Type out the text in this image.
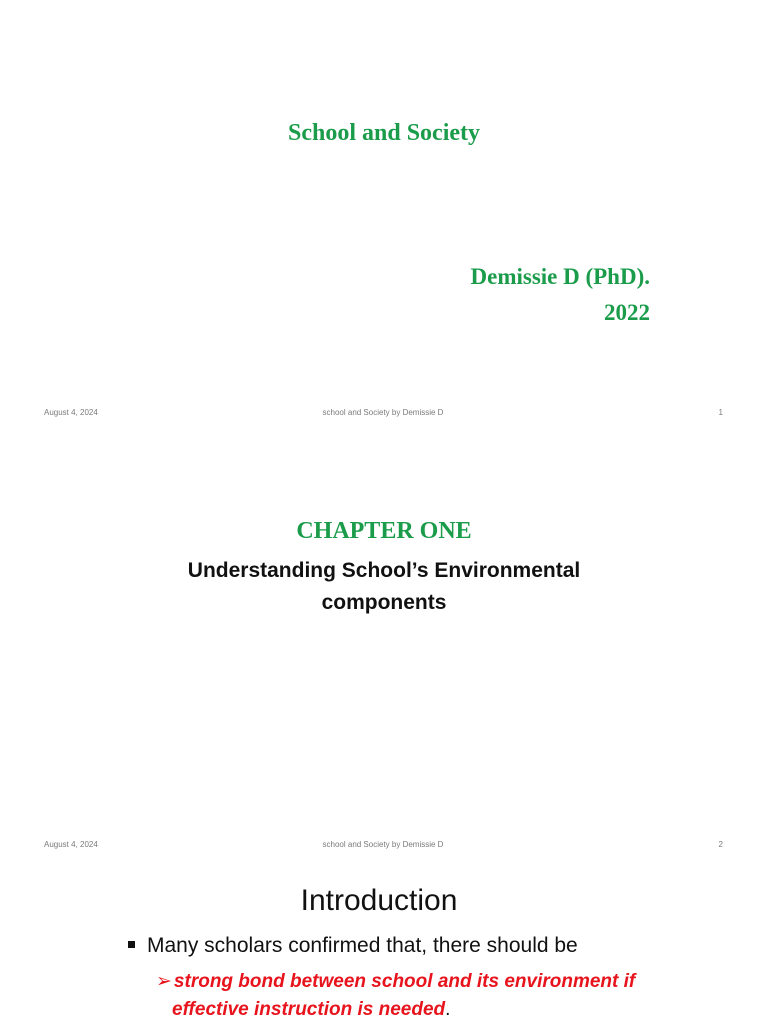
School and Society
Demissie D (PhD).
2022
August 4, 2024	school and Society by Demissie D	1
CHAPTER ONE
Understanding School’s Environmental
components
August 4, 2024	school and Society by Demissie D	2
Introduction
Many scholars confirmed that, there should be
➢ strong bond between school and its environment if
effective instruction is needed.
